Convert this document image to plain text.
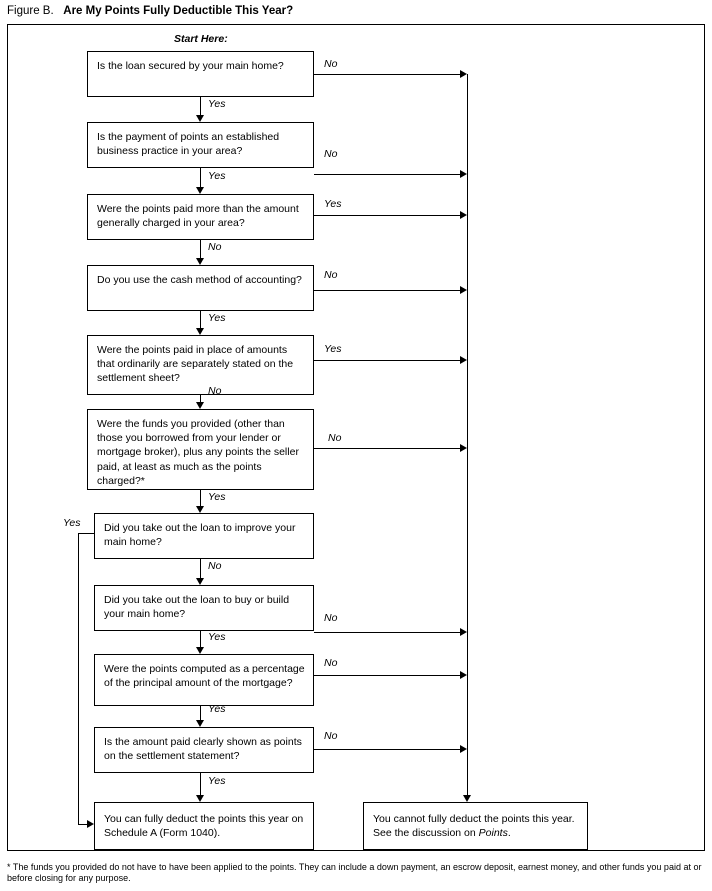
Figure B. Are My Points Fully Deductible This Year?
Start Here:
Is the loan secured by your main home?
Is the payment of points an established business practice in your area?
Were the points paid more than the amount generally charged in your area?
Do you use the cash method of accounting?
Were the points paid in place of amounts that ordinarily are separately stated on the settlement sheet?
Were the funds you provided (other than those you borrowed from your lender or mortgage broker), plus any points the seller paid, at least as much as the points charged?*
Did you take out the loan to improve your main home?
Did you take out the loan to buy or build your main home?
Were the points computed as a percentage of the principal amount of the mortgage?
Is the amount paid clearly shown as points on the settlement statement?
You can fully deduct the points this year on Schedule A (Form 1040).
You cannot fully deduct the points this year. See the discussion on Points.
Yes
Yes
No
Yes
No
Yes
No
Yes
Yes
Yes
No
No
Yes
No
Yes
No
No
No
No
Yes
* The funds you provided do not have to have been applied to the points. They can include a down payment, an escrow deposit, earnest money, and other funds you paid at or before closing for any purpose.
